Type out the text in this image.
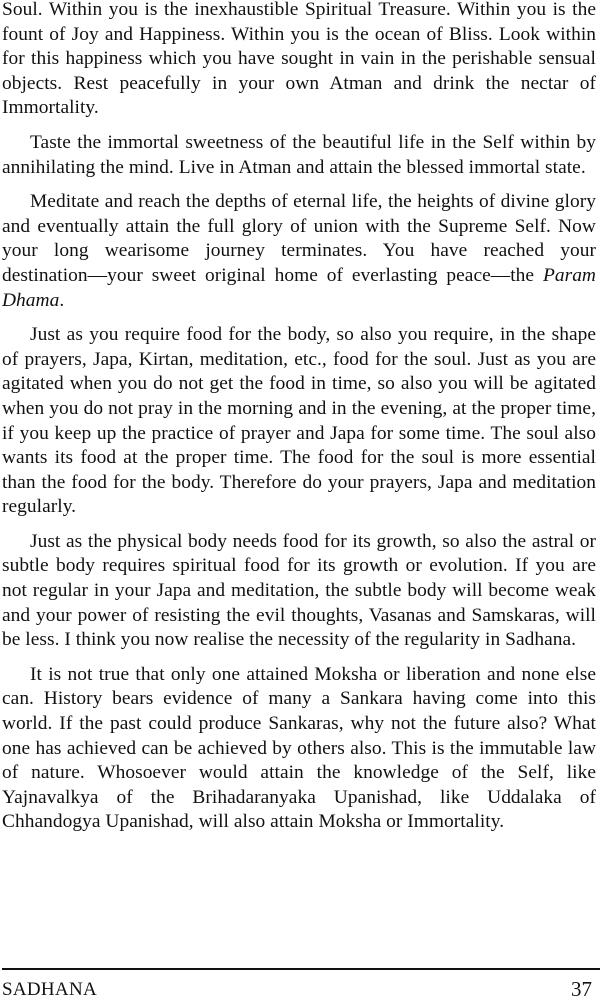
Soul. Within you is the inexhaustible Spiritual Treasure. Within you is the fount of Joy and Happiness. Within you is the ocean of Bliss. Look within for this happiness which you have sought in vain in the perishable sensual objects. Rest peacefully in your own Atman and drink the nectar of Immortality.

Taste the immortal sweetness of the beautiful life in the Self within by annihilating the mind. Live in Atman and attain the blessed immortal state.

Meditate and reach the depths of eternal life, the heights of divine glory and eventually attain the full glory of union with the Supreme Self. Now your long wearisome journey terminates. You have reached your destination—your sweet original home of everlasting peace—the Param Dhama.

Just as you require food for the body, so also you require, in the shape of prayers, Japa, Kirtan, meditation, etc., food for the soul. Just as you are agitated when you do not get the food in time, so also you will be agitated when you do not pray in the morning and in the evening, at the proper time, if you keep up the practice of prayer and Japa for some time. The soul also wants its food at the proper time. The food for the soul is more essential than the food for the body. Therefore do your prayers, Japa and meditation regularly.

Just as the physical body needs food for its growth, so also the astral or subtle body requires spiritual food for its growth or evolution. If you are not regular in your Japa and meditation, the subtle body will become weak and your power of resisting the evil thoughts, Vasanas and Samskaras, will be less. I think you now realise the necessity of the regularity in Sadhana.

It is not true that only one attained Moksha or liberation and none else can. History bears evidence of many a Sankara having come into this world. If the past could produce Sankaras, why not the future also? What one has achieved can be achieved by others also. This is the immutable law of nature. Whosoever would attain the knowledge of the Self, like Yajnavalkya of the Brihadaranyaka Upanishad, like Uddalaka of Chhandogya Upanishad, will also attain Moksha or Immortality.

SADHANA	37
